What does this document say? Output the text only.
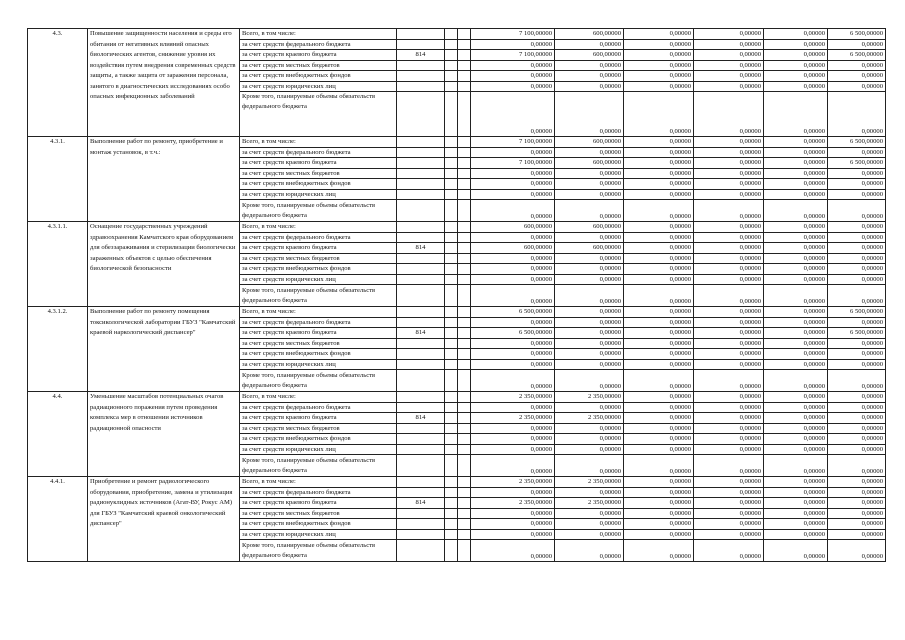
4.3.	Повышение защищенности населения и среды его обитания от негативных влияний опасных биологических агентов, снижение уровня их воздействия путем внедрения современных средств защиты, а также защита от заражения персонала, занятого в диагностических исследованиях особо опасных инфекционных заболеваний	Всего, в том числе:				7 100,00000	600,00000	0,00000	0,00000	0,00000	6 500,00000
		за счет средств федерального бюджета				0,00000	0,00000	0,00000	0,00000	0,00000	0,00000
		за счет средств краевого бюджета	814			7 100,00000	600,00000	0,00000	0,00000	0,00000	6 500,00000
		за счет средств местных бюджетов				0,00000	0,00000	0,00000	0,00000	0,00000	0,00000
		за счет средств внебюджетных фондов				0,00000	0,00000	0,00000	0,00000	0,00000	0,00000
		за счет средств юридических лиц				0,00000	0,00000	0,00000	0,00000	0,00000	0,00000
		Кроме того, планируемые объемы обязательств федерального бюджета				0,00000	0,00000	0,00000	0,00000	0,00000	0,00000
4.3.1.	Выполнение работ по ремонту, приобретение и монтаж установок, в т.ч.:	Всего, в том числе:				7 100,00000	600,00000	0,00000	0,00000	0,00000	6 500,00000
		за счет средств федерального бюджета				0,00000	0,00000	0,00000	0,00000	0,00000	0,00000
		за счет средств краевого бюджета				7 100,00000	600,00000	0,00000	0,00000	0,00000	6 500,00000
		за счет средств местных бюджетов				0,00000	0,00000	0,00000	0,00000	0,00000	0,00000
		за счет средств внебюджетных фондов				0,00000	0,00000	0,00000	0,00000	0,00000	0,00000
		за счет средств юридических лиц				0,00000	0,00000	0,00000	0,00000	0,00000	0,00000
		Кроме того, планируемые объемы обязательств федерального бюджета				0,00000	0,00000	0,00000	0,00000	0,00000	0,00000
4.3.1.1.	Оснащение государственных учреждений здравоохранения Камчатского края оборудованием для обеззараживания и стерилизации биологически зараженных объектов с целью обеспечения биологической безопасности	Всего, в том числе:				600,00000	600,00000	0,00000	0,00000	0,00000	0,00000
		за счет средств федерального бюджета				0,00000	0,00000	0,00000	0,00000	0,00000	0,00000
		за счет средств краевого бюджета	814			600,00000	600,00000	0,00000	0,00000	0,00000	0,00000
		за счет средств местных бюджетов				0,00000	0,00000	0,00000	0,00000	0,00000	0,00000
		за счет средств внебюджетных фондов				0,00000	0,00000	0,00000	0,00000	0,00000	0,00000
		за счет средств юридических лиц				0,00000	0,00000	0,00000	0,00000	0,00000	0,00000
		Кроме того, планируемые объемы обязательств федерального бюджета				0,00000	0,00000	0,00000	0,00000	0,00000	0,00000
4.3.1.2.	Выполнение работ по ремонту помещения токсикологической лаборатории ГБУЗ "Камчатский краевой наркологический диспансер"	Всего, в том числе:				6 500,00000	0,00000	0,00000	0,00000	0,00000	6 500,00000
		за счет средств федерального бюджета				0,00000	0,00000	0,00000	0,00000	0,00000	0,00000
		за счет средств краевого бюджета	814			6 500,00000	0,00000	0,00000	0,00000	0,00000	6 500,00000
		за счет средств местных бюджетов				0,00000	0,00000	0,00000	0,00000	0,00000	0,00000
		за счет средств внебюджетных фондов				0,00000	0,00000	0,00000	0,00000	0,00000	0,00000
		за счет средств юридических лиц				0,00000	0,00000	0,00000	0,00000	0,00000	0,00000
		Кроме того, планируемые объемы обязательств федерального бюджета				0,00000	0,00000	0,00000	0,00000	0,00000	0,00000
4.4.	Уменьшение масштабов потенциальных очагов радиационного поражения путем проведения комплекса мер в отношении источников радиационной опасности	Всего, в том числе:				2 350,00000	2 350,00000	0,00000	0,00000	0,00000	0,00000
		за счет средств федерального бюджета				0,00000	0,00000	0,00000	0,00000	0,00000	0,00000
		за счет средств краевого бюджета	814			2 350,00000	2 350,00000	0,00000	0,00000	0,00000	0,00000
		за счет средств местных бюджетов				0,00000	0,00000	0,00000	0,00000	0,00000	0,00000
		за счет средств внебюджетных фондов				0,00000	0,00000	0,00000	0,00000	0,00000	0,00000
		за счет средств юридических лиц				0,00000	0,00000	0,00000	0,00000	0,00000	0,00000
		Кроме того, планируемые объемы обязательств федерального бюджета				0,00000	0,00000	0,00000	0,00000	0,00000	0,00000
4.4.1.	Приобретение и ремонт радиологического оборудования, приобретение, замена и утилизация радионуклидных источников (Агат-ВУ, Рокус АМ) для ГБУЗ "Камчатский краевой онкологический диспансер"	Всего, в том числе:				2 350,00000	2 350,00000	0,00000	0,00000	0,00000	0,00000
		за счет средств федерального бюджета				0,00000	0,00000	0,00000	0,00000	0,00000	0,00000
		за счет средств краевого бюджета	814			2 350,00000	2 350,00000	0,00000	0,00000	0,00000	0,00000
		за счет средств местных бюджетов				0,00000	0,00000	0,00000	0,00000	0,00000	0,00000
		за счет средств внебюджетных фондов				0,00000	0,00000	0,00000	0,00000	0,00000	0,00000
		за счет средств юридических лиц				0,00000	0,00000	0,00000	0,00000	0,00000	0,00000
		Кроме того, планируемые объемы обязательств федерального бюджета				0,00000	0,00000	0,00000	0,00000	0,00000	0,00000
